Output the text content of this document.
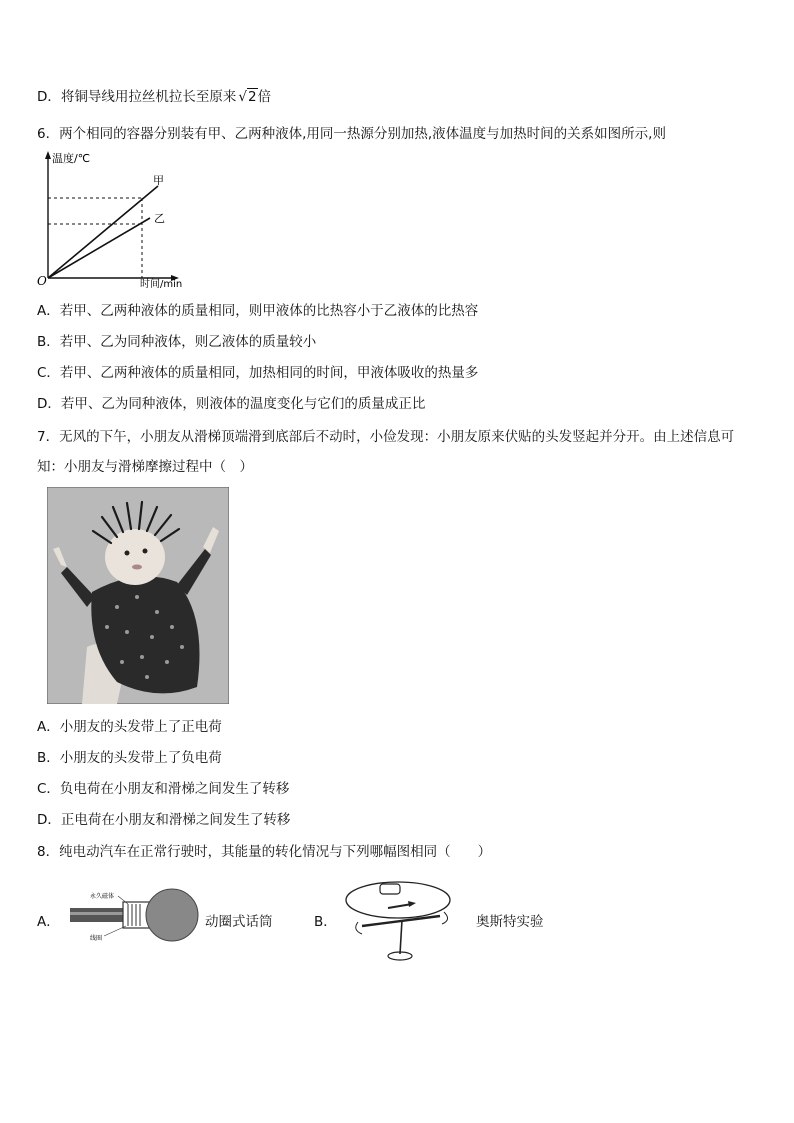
D．将铜导线用拉丝机拉长至原来 √2倍
6．两个相同的容器分别装有甲、乙两种液体,用同一热源分别加热,液体温度与加热时间的关系如图所示,则
温度/℃
时间/min
O
甲
乙
A．若甲、乙两种液体的质量相同，则甲液体的比热容小于乙液体的比热容
B．若甲、乙为同种液体，则乙液体的质量较小
C．若甲、乙两种液体的质量相同，加热相同的时间，甲液体吸收的热量多
D．若甲、乙为同种液体，则液体的温度变化与它们的质量成正比
7．无风的下午，小朋友从滑梯顶端滑到底部后不动时，小俭发现：小朋友原来伏贴的头发竖起并分开。由上述信息可
知：小朋友与滑梯摩擦过程中（　）
A．小朋友的头发带上了正电荷
B．小朋友的头发带上了负电荷
C．负电荷在小朋友和滑梯之间发生了转移
D．正电荷在小朋友和滑梯之间发生了转移
8．纯电动汽车在正常行驶时，其能量的转化情况与下列哪幅图相同（　　）
A．
永久磁体
线圈
动圈式话筒	B．	奥斯特实验
